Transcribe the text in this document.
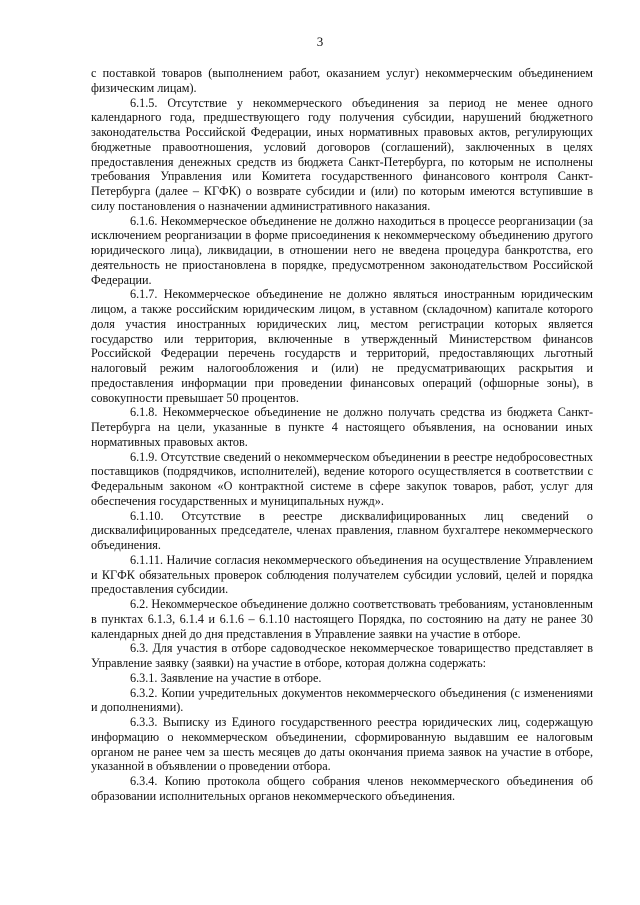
3

с поставкой товаров (выполнением работ, оказанием услуг) некоммерческим объединением физическим лицам).

6.1.5. Отсутствие у некоммерческого объединения за период не менее одного календарного года, предшествующего году получения субсидии, нарушений бюджетного законодательства Российской Федерации, иных нормативных правовых актов, регулирующих бюджетные правоотношения, условий договоров (соглашений), заключенных в целях предоставления денежных средств из бюджета Санкт-Петербурга, по которым не исполнены требования Управления или Комитета государственного финансового контроля Санкт-Петербурга (далее – КГФК) о возврате субсидии и (или) по которым имеются вступившие в силу постановления о назначении административного наказания.

6.1.6. Некоммерческое объединение не должно находиться в процессе реорганизации (за исключением реорганизации в форме присоединения к некоммерческому объединению другого юридического лица), ликвидации, в отношении него не введена процедура банкротства, его деятельность не приостановлена в порядке, предусмотренном законодательством Российской Федерации.

6.1.7. Некоммерческое объединение не должно являться иностранным юридическим лицом, а также российским юридическим лицом, в уставном (складочном) капитале которого доля участия иностранных юридических лиц, местом регистрации которых является государство или территория, включенные в утвержденный Министерством финансов Российской Федерации перечень государств и территорий, предоставляющих льготный налоговый режим налогообложения и (или) не предусматривающих раскрытия и предоставления информации при проведении финансовых операций (офшорные зоны), в совокупности превышает 50 процентов.

6.1.8. Некоммерческое объединение не должно получать средства из бюджета Санкт-Петербурга на цели, указанные в пункте 4 настоящего объявления, на основании иных нормативных правовых актов.

6.1.9. Отсутствие сведений о некоммерческом объединении в реестре недобросовестных поставщиков (подрядчиков, исполнителей), ведение которого осуществляется в соответствии с Федеральным законом «О контрактной системе в сфере закупок товаров, работ, услуг для обеспечения государственных и муниципальных нужд».

6.1.10. Отсутствие в реестре дисквалифицированных лиц сведений о дисквалифицированных председателе, членах правления, главном бухгалтере некоммерческого объединения.

6.1.11. Наличие согласия некоммерческого объединения на осуществление Управлением и КГФК обязательных проверок соблюдения получателем субсидии условий, целей и порядка предоставления субсидии.

6.2. Некоммерческое объединение должно соответствовать требованиям, установленным в пунктах 6.1.3, 6.1.4 и 6.1.6 – 6.1.10 настоящего Порядка, по состоянию на дату не ранее 30 календарных дней до дня представления в Управление заявки на участие в отборе.

6.3. Для участия в отборе садоводческое некоммерческое товарищество представляет в Управление заявку (заявки) на участие в отборе, которая должна содержать:

6.3.1. Заявление на участие в отборе.

6.3.2. Копии учредительных документов некоммерческого объединения (с изменениями и дополнениями).

6.3.3. Выписку из Единого государственного реестра юридических лиц, содержащую информацию о некоммерческом объединении, сформированную выдавшим ее налоговым органом не ранее чем за шесть месяцев до даты окончания приема заявок на участие в отборе, указанной в объявлении о проведении отбора.

6.3.4. Копию протокола общего собрания членов некоммерческого объединения об образовании исполнительных органов некоммерческого объединения.
